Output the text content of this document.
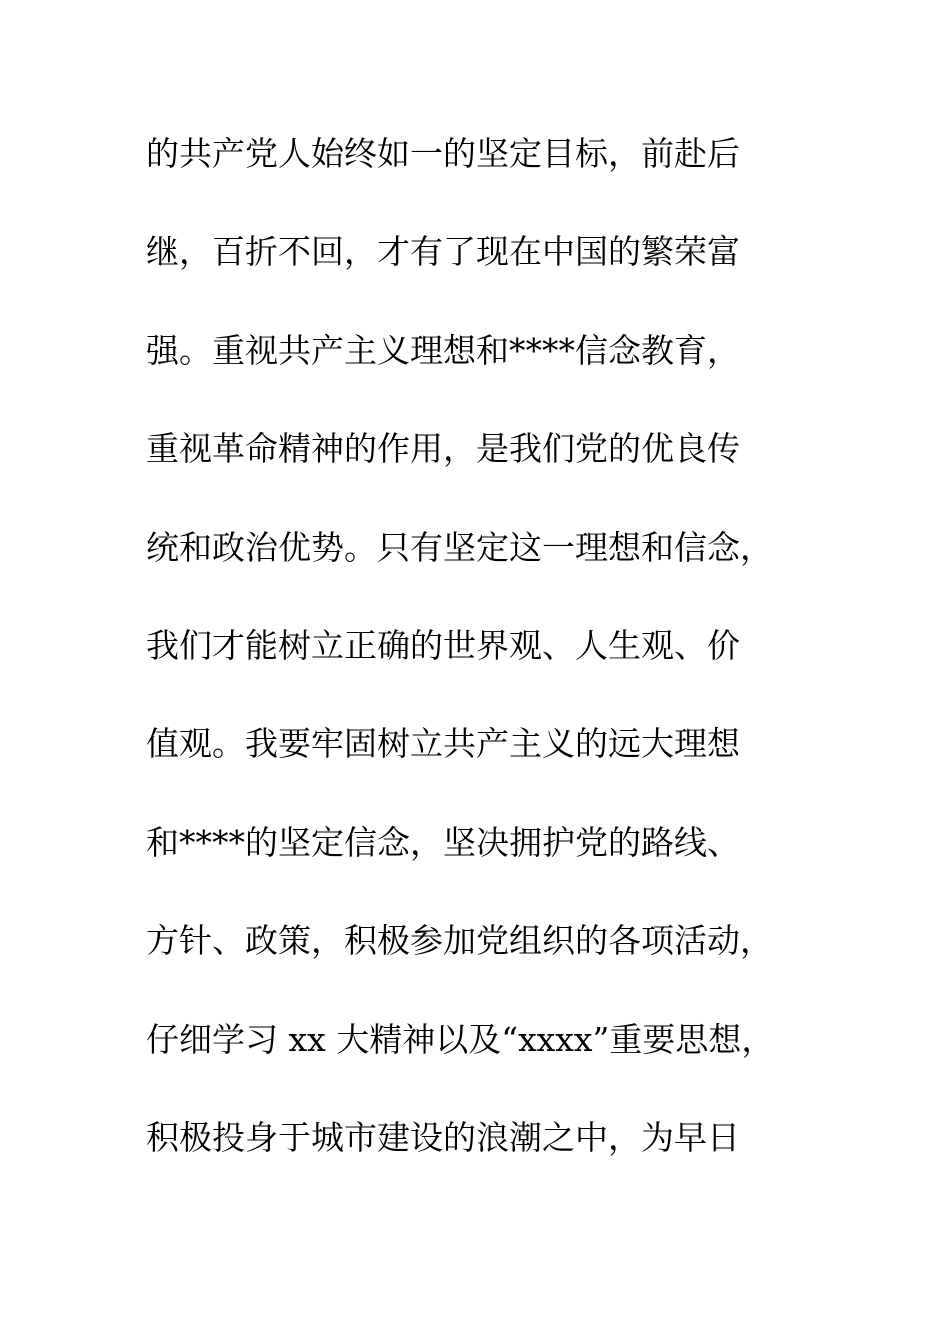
的共产党人始终如一的坚定目标，前赴后
继，百折不回，才有了现在中国的繁荣富
强。重视共产主义理想和****信念教育，
重视革命精神的作用，是我们党的优良传
统和政治优势。只有坚定这一理想和信念，
我们才能树立正确的世界观、人生观、价
值观。我要牢固树立共产主义的远大理想
和****的坚定信念，坚决拥护党的路线、
方针、政策，积极参加党组织的各项活动，
仔细学习 xx 大精神以及“xxxx”重要思想，
积极投身于城市建设的浪潮之中，为早日
